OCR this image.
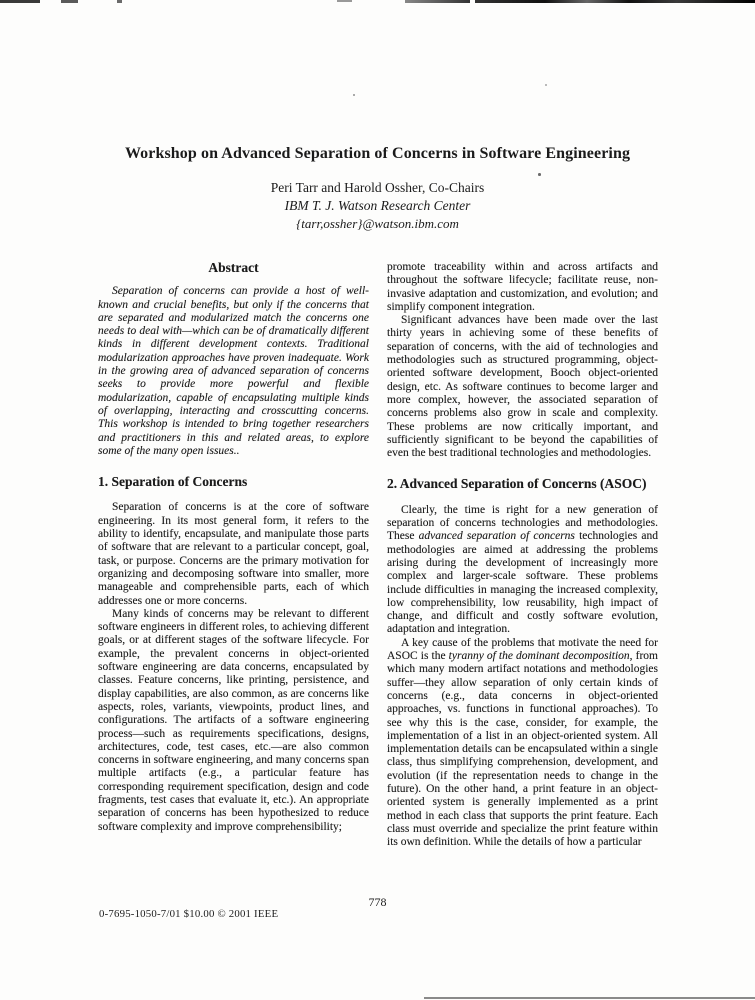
Workshop on Advanced Separation of Concerns in Software Engineering
Peri Tarr and Harold Ossher, Co-Chairs
IBM T. J. Watson Research Center
{tarr,ossher}@watson.ibm.com
Abstract

Separation of concerns can provide a host of well-known and crucial benefits, but only if the concerns that are separated and modularized match the concerns one needs to deal with—which can be of dramatically different kinds in different development contexts. Traditional modularization approaches have proven inadequate. Work in the growing area of advanced separation of concerns seeks to provide more powerful and flexible modularization, capable of encapsulating multiple kinds of overlapping, interacting and crosscutting concerns. This workshop is intended to bring together researchers and practitioners in this and related areas, to explore some of the many open issues..

1. Separation of Concerns

Separation of concerns is at the core of software engineering. In its most general form, it refers to the ability to identify, encapsulate, and manipulate those parts of software that are relevant to a particular concept, goal, task, or purpose. Concerns are the primary motivation for organizing and decomposing software into smaller, more manageable and comprehensible parts, each of which addresses one or more concerns.

Many kinds of concerns may be relevant to different software engineers in different roles, to achieving different goals, or at different stages of the software lifecycle. For example, the prevalent concerns in object-oriented software engineering are data concerns, encapsulated by classes. Feature concerns, like printing, persistence, and display capabilities, are also common, as are concerns like aspects, roles, variants, viewpoints, product lines, and configurations. The artifacts of a software engineering process—such as requirements specifications, designs, architectures, code, test cases, etc.—are also common concerns in software engineering, and many concerns span multiple artifacts (e.g., a particular feature has corresponding requirement specification, design and code fragments, test cases that evaluate it, etc.). An appropriate separation of concerns has been hypothesized to reduce software complexity and improve comprehensibility;

promote traceability within and across artifacts and throughout the software lifecycle; facilitate reuse, non-invasive adaptation and customization, and evolution; and simplify component integration.

Significant advances have been made over the last thirty years in achieving some of these benefits of separation of concerns, with the aid of technologies and methodologies such as structured programming, object-oriented software development, Booch object-oriented design, etc. As software continues to become larger and more complex, however, the associated separation of concerns problems also grow in scale and complexity. These problems are now critically important, and sufficiently significant to be beyond the capabilities of even the best traditional technologies and methodologies.

2. Advanced Separation of Concerns (ASOC)

Clearly, the time is right for a new generation of separation of concerns technologies and methodologies. These advanced separation of concerns technologies and methodologies are aimed at addressing the problems arising during the development of increasingly more complex and larger-scale software. These problems include difficulties in managing the increased complexity, low comprehensibility, low reusability, high impact of change, and difficult and costly software evolution, adaptation and integration.

A key cause of the problems that motivate the need for ASOC is the tyranny of the dominant decomposition, from which many modern artifact notations and methodologies suffer—they allow separation of only certain kinds of concerns (e.g., data concerns in object-oriented approaches, vs. functions in functional approaches). To see why this is the case, consider, for example, the implementation of a list in an object-oriented system. All implementation details can be encapsulated within a single class, thus simplifying comprehension, development, and evolution (if the representation needs to change in the future). On the other hand, a print feature in an object-oriented system is generally implemented as a print method in each class that supports the print feature. Each class must override and specialize the print feature within its own definition. While the details of how a particular

778
0-7695-1050-7/01 $10.00 © 2001 IEEE
